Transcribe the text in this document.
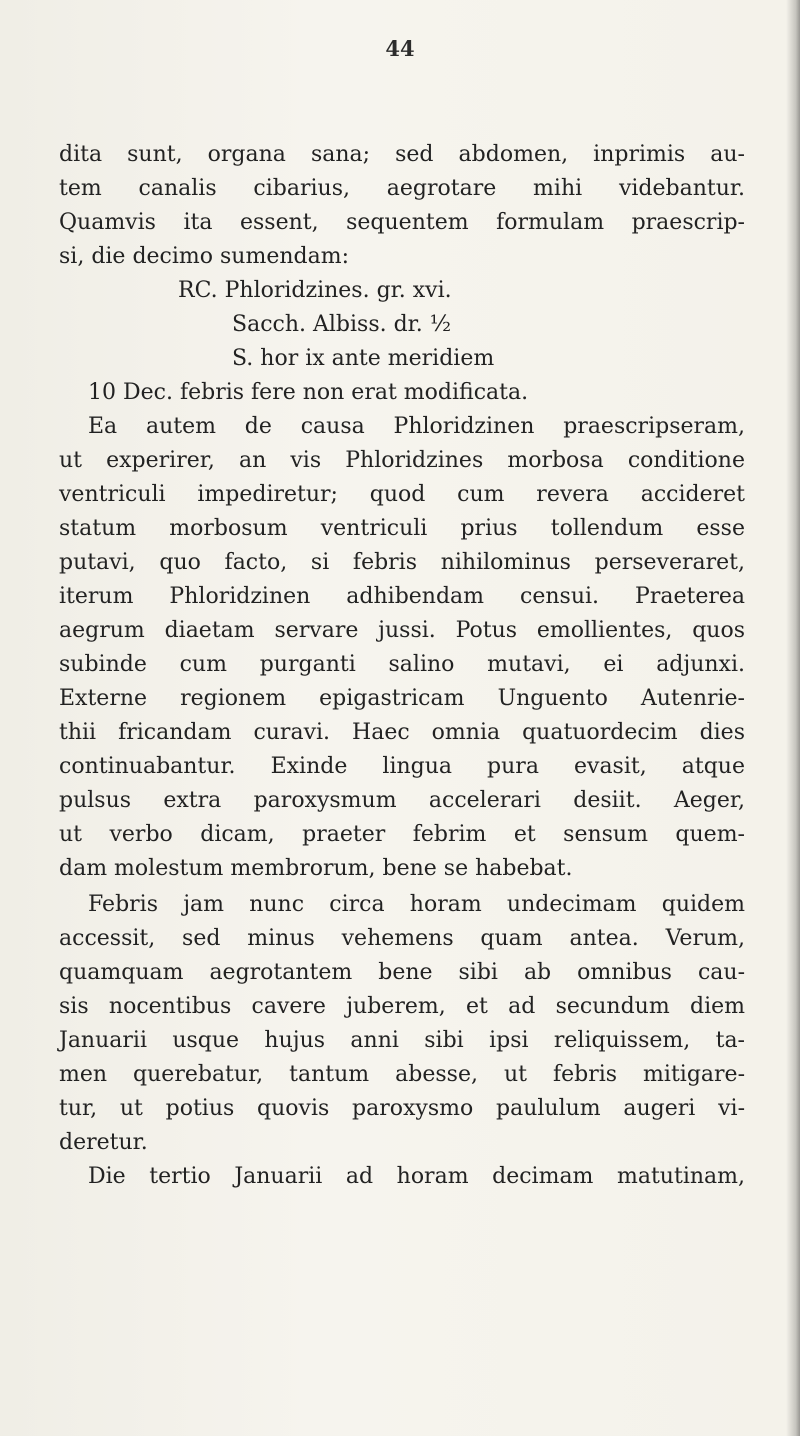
44

dita sunt, organa sana; sed abdomen, inprimis au-

tem canalis cibarius, aegrotare mihi videbantur.

Quamvis ita essent, sequentem formulam praescrip-

si, die decimo sumendam:

RC. Phloridzines. gr. xvi.

Sacch. Albiss. dr. ½

S. hor ix ante meridiem

10 Dec. febris fere non erat modificata.

Ea autem de causa Phloridzinen praescripseram,

ut experirer, an vis Phloridzines morbosa conditione

ventriculi impediretur; quod cum revera accideret

statum morbosum ventriculi prius tollendum esse

putavi, quo facto, si febris nihilominus perseveraret,

iterum Phloridzinen adhibendam censui. Praeterea

aegrum diaetam servare jussi. Potus emollientes, quos

subinde cum purganti salino mutavi, ei adjunxi.

Externe regionem epigastricam Unguento Autenrie-

thii fricandam curavi. Haec omnia quatuordecim dies

continuabantur. Exinde lingua pura evasit, atque

pulsus extra paroxysmum accelerari desiit. Aeger,

ut verbo dicam, praeter febrim et sensum quem-

dam molestum membrorum, bene se habebat.

Febris jam nunc circa horam undecimam quidem

accessit, sed minus vehemens quam antea. Verum,

quamquam aegrotantem bene sibi ab omnibus cau-

sis nocentibus cavere juberem, et ad secundum diem

Januarii usque hujus anni sibi ipsi reliquissem, ta-

men querebatur, tantum abesse, ut febris mitigare-

tur, ut potius quovis paroxysmo paululum augeri vi-

deretur.

Die tertio Januarii ad horam decimam matutinam,
